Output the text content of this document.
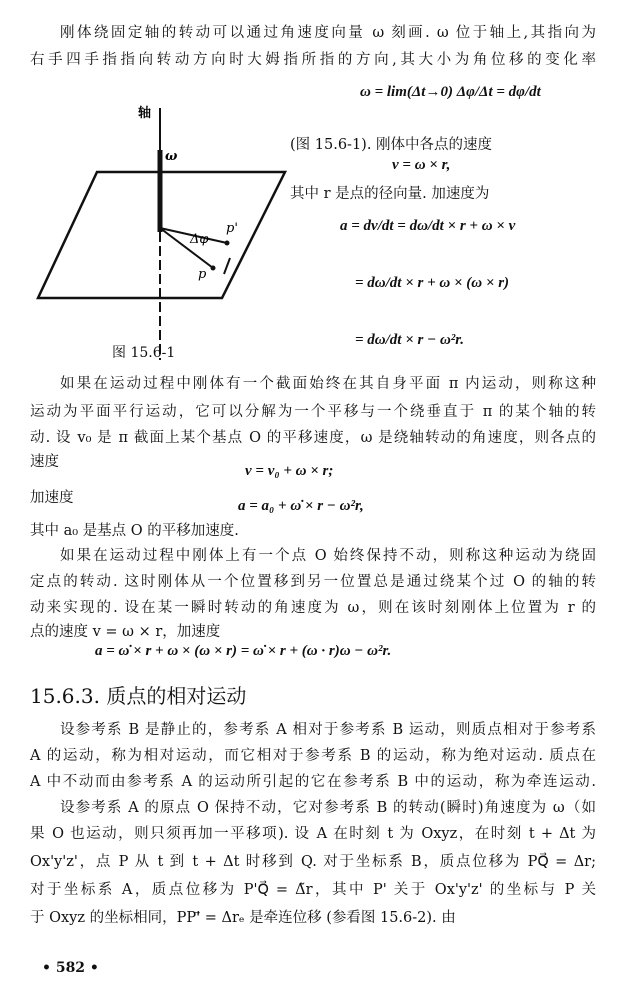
刚体绕固定轴的转动可以通过角速度向量 ω 刻画. ω 位于轴上,其指向为
右手四手指指向转动方向时大姆指所指的方向,其大小为角位移的变化率
ω = lim(Δt→0) Δφ/Δt = dφ/dt
轴
ω
p'
p
Δφ
图 15.6-1
(图 15.6-1). 刚体中各点的速度
v = ω × r,
其中 r 是点的径向量. 加速度为
a = dv/dt = dω/dt × r + ω × v
= dω/dt × r + ω × (ω × r)
= dω/dt × r − ω²r.
如果在运动过程中刚体有一个截面始终在其自身平面 π 内运动，则称这种
运动为平面平行运动，它可以分解为一个平移与一个绕垂直于 π 的某个轴的转
动. 设 v₀ 是 π 截面上某个基点 O 的平移速度，ω 是绕轴转动的角速度，则各点的
速度
v = v₀ + ω × r;
加速度	a = a₀ + ω̇ × r − ω²r,
其中 a₀ 是基点 O 的平移加速度.
如果在运动过程中刚体上有一个点 O 始终保持不动，则称这种运动为绕固
定点的转动. 这时刚体从一个位置移到另一位置总是通过绕某个过 O 的轴的转
动来实现的. 设在某一瞬时转动的角速度为 ω，则在该时刻刚体上位置为 r 的
点的速度 v = ω × r，加速度
a = ω̇ × r + ω × (ω × r) = ω̇ × r + (ω · r)ω − ω²r.
15.6.3. 质点的相对运动
设参考系 B 是静止的，参考系 A 相对于参考系 B 运动，则质点相对于参考系
A 的运动，称为相对运动，而它相对于参考系 B 的运动，称为绝对运动. 质点在
A 中不动而由参考系 A 的运动所引起的它在参考系 B 中的运动，称为牵连运动.
设参考系 A 的原点 O 保持不动，它对参考系 B 的转动(瞬时)角速度为 ω（如
果 O 也运动，则只须再加一平移项). 设 A 在时刻 t 为 Oxyz，在时刻 t + Δt 为
Ox'y'z'，点 P 从 t 到 t + Δt 时移到 Q. 对于坐标系 B，质点位移为 PQ⃗ = Δr;
对于坐标系 A，质点位移为 P'Q⃗ = Δ̃r，其中 P' 关于 Ox'y'z' 的坐标与 P 关
于 Oxyz 的坐标相同，PP'⃗ = Δrₑ 是牵连位移 (参看图 15.6-2). 由
• 582 •
